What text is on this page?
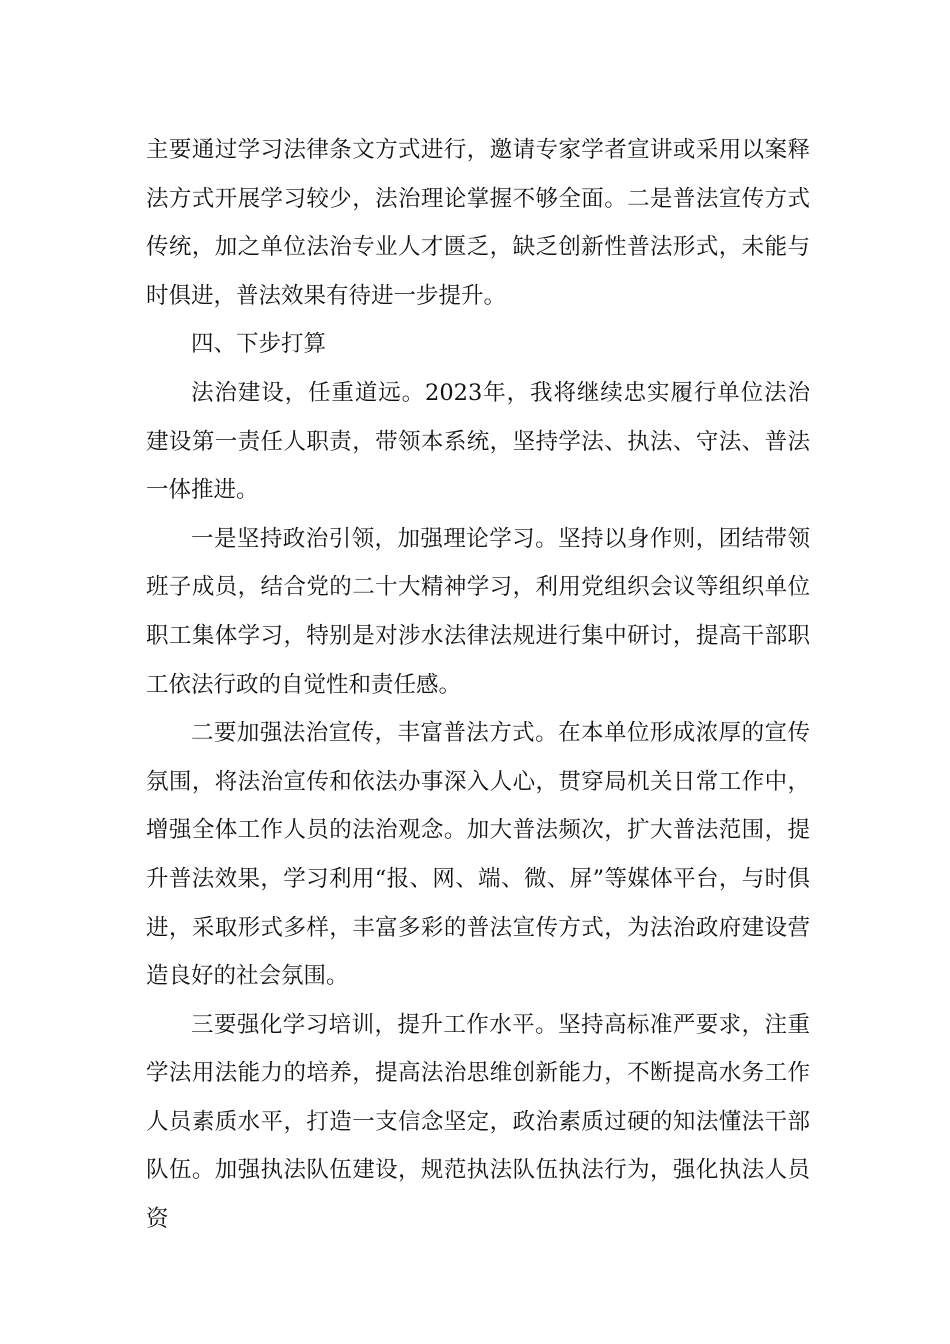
主要通过学习法律条文方式进行，邀请专家学者宣讲或采用以案释法方式开展学习较少，法治理论掌握不够全面。二是普法宣传方式传统，加之单位法治专业人才匮乏，缺乏创新性普法形式，未能与时俱进，普法效果有待进一步提升。

四、下步打算

法治建设，任重道远。2023年，我将继续忠实履行单位法治建设第一责任人职责，带领本系统，坚持学法、执法、守法、普法一体推进。

一是坚持政治引领，加强理论学习。坚持以身作则，团结带领班子成员，结合党的二十大精神学习，利用党组织会议等组织单位职工集体学习，特别是对涉水法律法规进行集中研讨，提高干部职工依法行政的自觉性和责任感。

二要加强法治宣传，丰富普法方式。在本单位形成浓厚的宣传氛围，将法治宣传和依法办事深入人心，贯穿局机关日常工作中，增强全体工作人员的法治观念。加大普法频次，扩大普法范围，提升普法效果，学习利用“报、网、端、微、屏”等媒体平台，与时俱进，采取形式多样，丰富多彩的普法宣传方式，为法治政府建设营造良好的社会氛围。

三要强化学习培训，提升工作水平。坚持高标准严要求，注重学法用法能力的培养，提高法治思维创新能力，不断提高水务工作人员素质水平，打造一支信念坚定，政治素质过硬的知法懂法干部队伍。加强执法队伍建设，规范执法队伍执法行为，强化执法人员资
